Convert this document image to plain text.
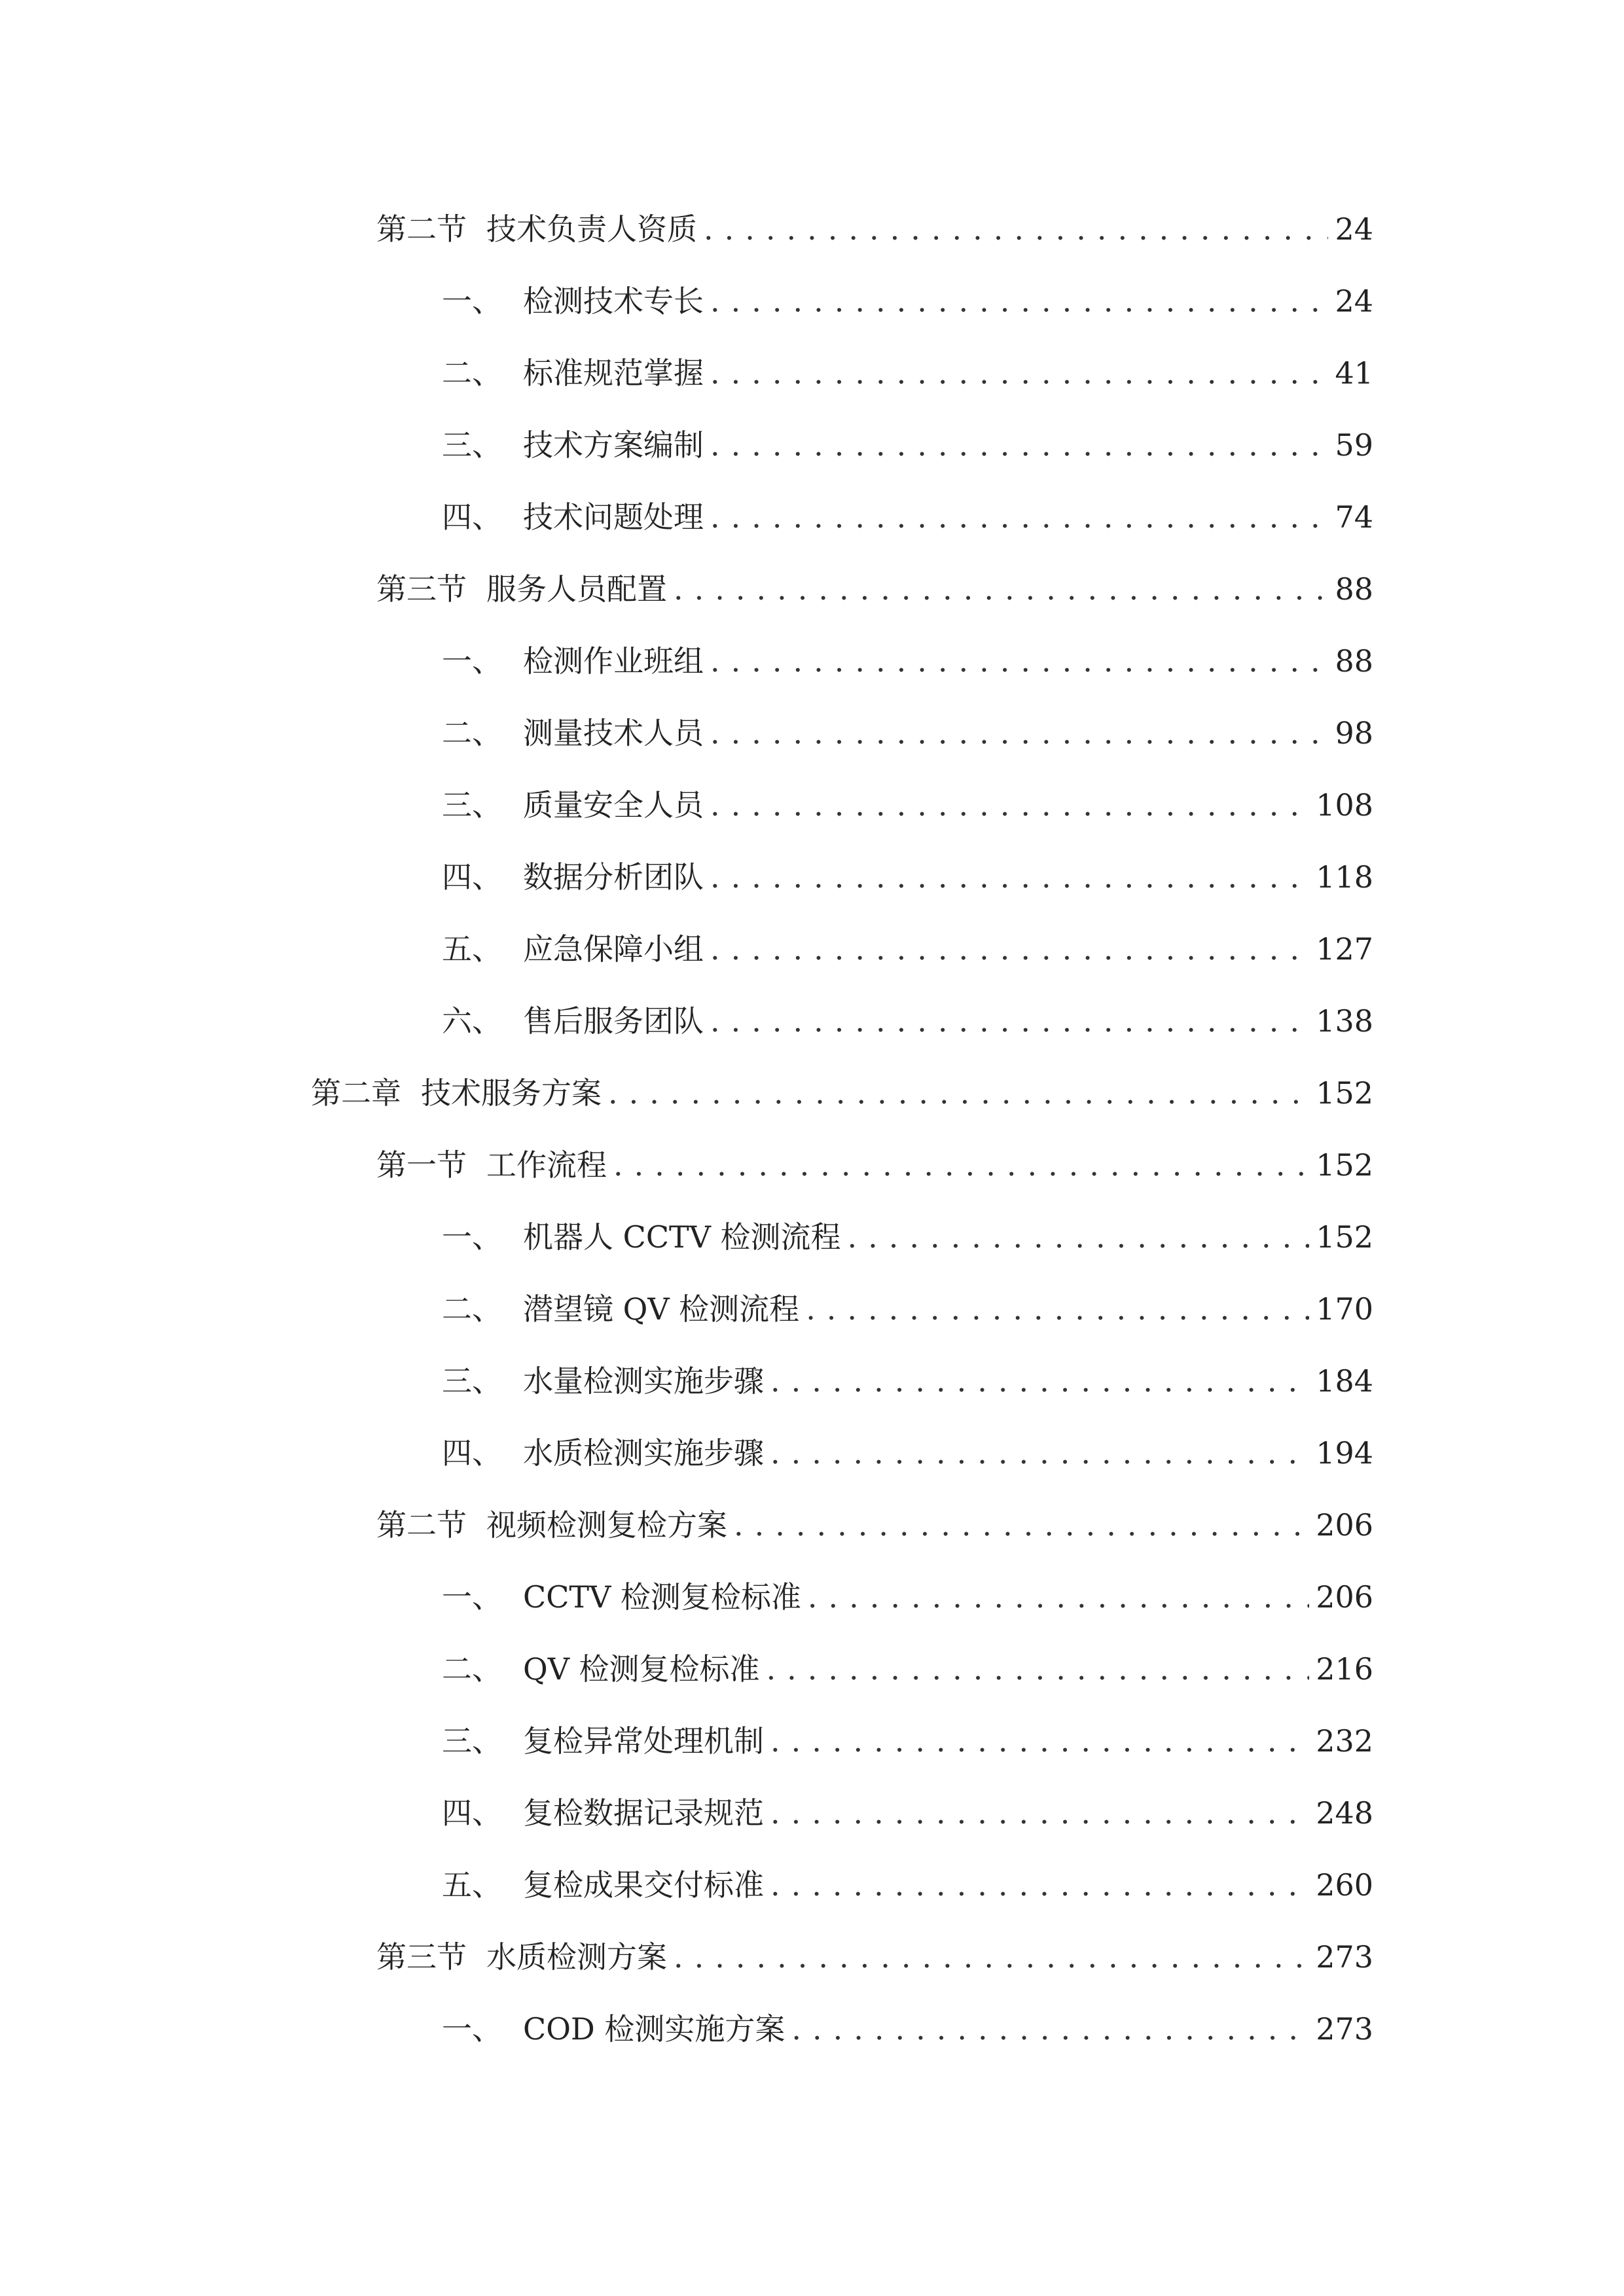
第二节 技术负责人资质 .....	24
一、 检测技术专长 .....	24
二、 标准规范掌握 .....	41
三、 技术方案编制 .....	59
四、 技术问题处理 .....	74
第三节 服务人员配置 .....	88
一、 检测作业班组 .....	88
二、 测量技术人员 .....	98
三、 质量安全人员 .....	108
四、 数据分析团队 .....	118
五、 应急保障小组 .....	127
六、 售后服务团队 .....	138
第二章 技术服务方案 .....	152
第一节 工作流程 .....	152
一、 机器人 CCTV 检测流程 .....	152
二、 潜望镜 QV 检测流程 .....	170
三、 水量检测实施步骤 .....	184
四、 水质检测实施步骤 .....	194
第二节 视频检测复检方案 .....	206
一、 CCTV 检测复检标准 .....	206
二、 QV 检测复检标准 .....	216
三、 复检异常处理机制 .....	232
四、 复检数据记录规范 .....	248
五、 复检成果交付标准 .....	260
第三节 水质检测方案 .....	273
一、 COD 检测实施方案 .....	273
